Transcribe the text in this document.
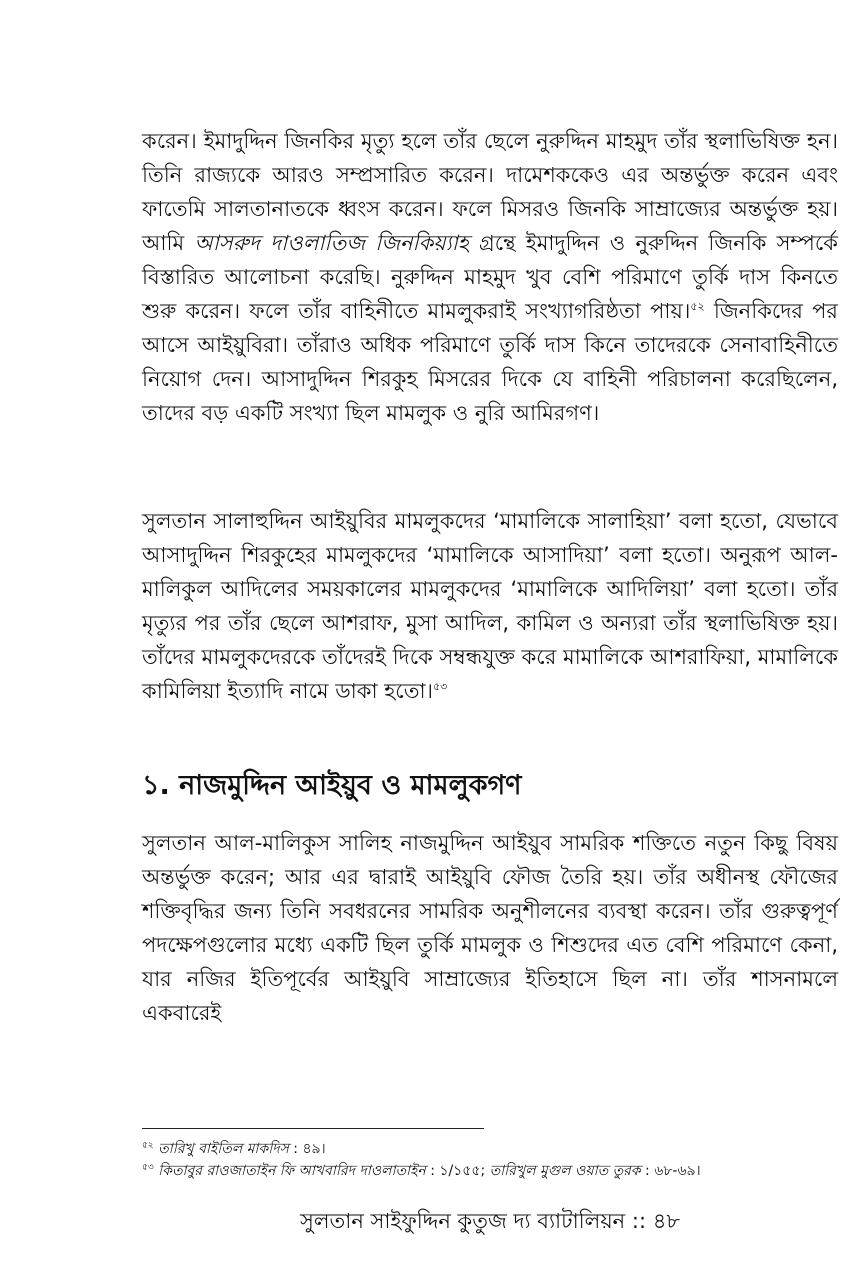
করেন। ইমাদুদ্দিন জিনকির মৃত্যু হলে তাঁর ছেলে নুরুদ্দিন মাহমুদ তাঁর স্থলাভিষিক্ত হন। তিনি রাজ্যকে আরও সম্প্রসারিত করেন। দামেশককেও এর অন্তর্ভুক্ত করেন এবং ফাতেমি সালতানাতকে ধ্বংস করেন। ফলে মিসরও জিনকি সাম্রাজ্যের অন্তর্ভুক্ত হয়। আমি আসরুদ দাওলাতিজ জিনকিয়্যাহ গ্রন্থে ইমাদুদ্দিন ও নুরুদ্দিন জিনকি সম্পর্কে বিস্তারিত আলোচনা করেছি। নুরুদ্দিন মাহমুদ খুব বেশি পরিমাণে তুর্কি দাস কিনতে শুরু করেন। ফলে তাঁর বাহিনীতে মামলুকরাই সংখ্যাগরিষ্ঠতা পায়।$^{৫২}$ জিনকিদের পর আসে আইয়ুবিরা। তাঁরাও অধিক পরিমাণে তুর্কি দাস কিনে তাদেরকে সেনাবাহিনীতে নিয়োগ দেন। আসাদুদ্দিন শিরকুহ মিসরের দিকে যে বাহিনী পরিচালনা করেছিলেন, তাদের বড় একটি সংখ্যা ছিল মামলুক ও নুরি আমিরগণ।

সুলতান সালাহুদ্দিন আইয়ুবির মামলুকদের ‘মামালিকে সালাহিয়া’ বলা হতো, যেভাবে আসাদুদ্দিন শিরকুহের মামলুকদের ‘মামালিকে আসাদিয়া’ বলা হতো। অনুরূপ আল-মালিকুল আদিলের সময়কালের মামলুকদের ‘মামালিকে আদিলিয়া’ বলা হতো। তাঁর মৃত্যুর পর তাঁর ছেলে আশরাফ, মুসা আদিল, কামিল ও অন্যরা তাঁর স্থলাভিষিক্ত হয়। তাঁদের মামলুকদেরকে তাঁদেরই দিকে সম্বন্ধযুক্ত করে মামালিকে আশরাফিয়া, মামালিকে কামিলিয়া ইত্যাদি নামে ডাকা হতো।$^{৫৩}$

১. নাজমুদ্দিন আইয়ুব ও মামলুকগণ

সুলতান আল-মালিকুস সালিহ নাজমুদ্দিন আইয়ুব সামরিক শক্তিতে নতুন কিছু বিষয় অন্তর্ভুক্ত করেন; আর এর দ্বারাই আইয়ুবি ফৌজ তৈরি হয়। তাঁর অধীনস্থ ফৌজের শক্তিবৃদ্ধির জন্য তিনি সবধরনের সামরিক অনুশীলনের ব্যবস্থা করেন। তাঁর গুরুত্বপূর্ণ পদক্ষেপগুলোর মধ্যে একটি ছিল তুর্কি মামলুক ও শিশুদের এত বেশি পরিমাণে কেনা, যার নজির ইতিপূর্বের আইয়ুবি সাম্রাজ্যের ইতিহাসে ছিল না। তাঁর শাসনামলে একবারেই

$^{৫২}$ তারিখু বাইতিল মাকদিস : ৪৯।
$^{৫৩}$ কিতাবুর রাওজাতাইন ফি আখবারিদ দাওলাতাইন : ১/১৫৫; তারিখুল মুগুল ওয়াত তুরক : ৬৮-৬৯।
সুলতান সাইফুদ্দিন কুতুজ দ্য ব্যাটালিয়ন :: ৪৮
